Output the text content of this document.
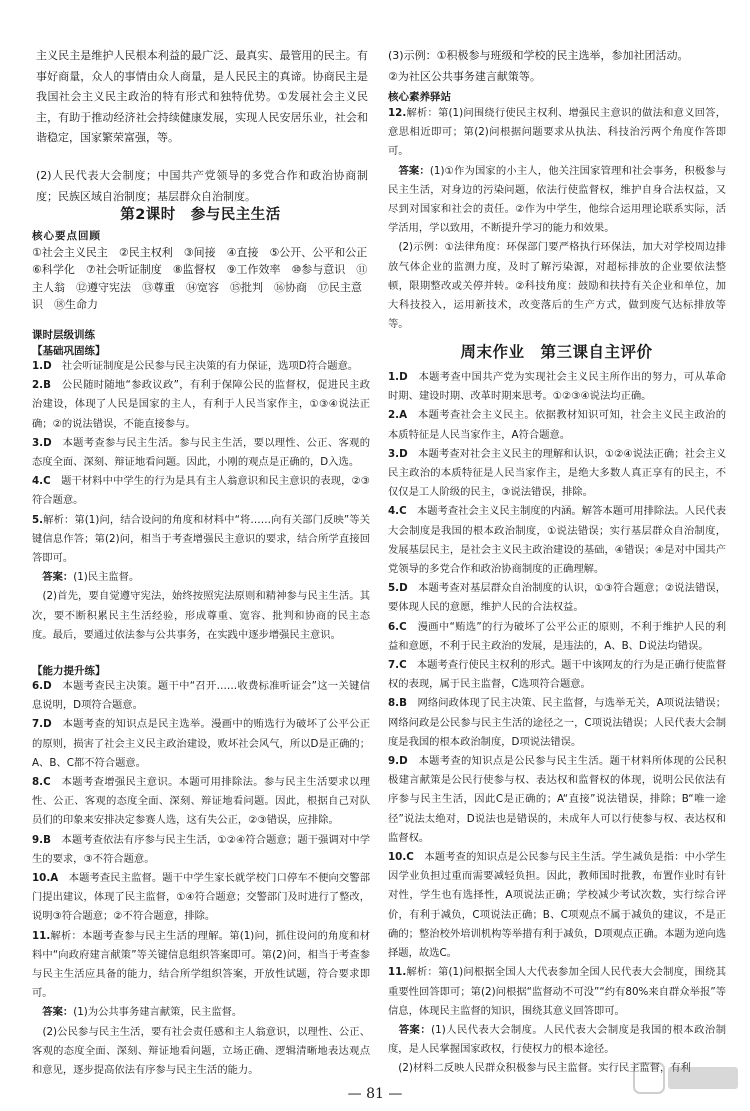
主义民主是维护人民根本利益的最广泛、最真实、最管用的民主。有事好商量，众人的事情由众人商量，是人民民主的真谛。协商民主是我国社会主义民主政治的特有形式和独特优势。①发展社会主义民主，有助于推动经济社会持续健康发展，实现人民安居乐业，社会和谐稳定，国家繁荣富强，等。

(2)人民代表大会制度；中国共产党领导的多党合作和政治协商制度；民族区域自治制度；基层群众自治制度。

第2课时　参与民主生活
核心要点回顾
①社会主义民主　②民主权利　③间接　④直接　⑤公开、公平和公正　⑥科学化　⑦社会听证制度　⑧监督权　⑨工作效率　⑩参与意识　⑪主人翁　⑫遵守宪法　⑬尊重　⑭宽容　⑮批判　⑯协商　⑰民主意识　⑱生命力
课时层级训练
【基础巩固练】

1.D　 社会听证制度是公民参与民主决策的有力保证，选项D符合题意。

2.B　 公民随时随地“参政议政”，有利于保障公民的监督权，促进民主政治建设，体现了人民是国家的主人，有利于人民当家作主，①③④说法正确；②的说法错误，不能直接参与。

3.D　 本题考查参与民主生活。参与民主生活，要以理性、公正、客观的态度全面、深刻、辩证地看问题。因此，小刚的观点是正确的，D入选。

4.C　 题干材料中中学生的行为是具有主人翁意识和民主意识的表现，②③符合题意。

5.解析：第(1)问，结合设问的角度和材料中“将……向有关部门反映”等关键信息作答；第(2)问，相当于考查增强民主意识的要求，结合所学直接回答即可。

　答案：(1)民主监督。

　(2)首先，要自觉遵守宪法，始终按照宪法原则和精神参与民主生活。其次，要不断积累民主生活经验，形成尊重、宽容、批判和协商的民主态度。最后，要通过依法参与公共事务，在实践中逐步增强民主意识。

【能力提升练】

6.D　 本题考查民主决策。题干中“召开……收费标准听证会”这一关键信息说明，D项符合题意。

7.D　 本题考查的知识点是民主选举。漫画中的贿选行为破坏了公平公正的原则，损害了社会主义民主政治建设，败坏社会风气，所以D是正确的；A、B、C都不符合题意。

8.C　 本题考查增强民主意识。本题可用排除法。参与民主生活要求以理性、公正、客观的态度全面、深刻、辩证地看问题。因此，根据自己对队员们的印象来安排决定参赛人选，这有失公正，②③错误，应排除。

9.B　 本题考查依法有序参与民主生活，①②④符合题意；题干强调对中学生的要求，③不符合题意。

10.A　 本题考查民主监督。题干中学生家长就学校门口停车不便向交警部门提出建议，体现了民主监督，①④符合题意；交警部门及时进行了整改，说明③符合题意；②不符合题意，排除。

11.解析：本题考查参与民主生活的理解。第(1)问，抓住设问的角度和材料中“向政府建言献策”等关键信息组织答案即可。第(2)问，相当于考查参与民主生活应具备的能力，结合所学组织答案，开放性试题，符合要求即可。

　答案：(1)为公共事务建言献策，民主监督。

　(2)公民参与民主生活，要有社会责任感和主人翁意识，以理性、公正、客观的态度全面、深刻、辩证地看问题，立场正确、逻辑清晰地表达观点和意见，逐步提高依法有序参与民主生活的能力。

(3)示例：①积极参与班级和学校的民主选举，参加社团活动。

②为社区公共事务建言献策等。

核心素养驿站

12.解析：第(1)问围绕行使民主权利、增强民主意识的做法和意义回答，意思相近即可；第(2)问根据问题要求从执法、科技治污两个角度作答即可。

　答案：(1)①作为国家的小主人，他关注国家管理和社会事务，积极参与民主生活，对身边的污染问题，依法行使监督权，维护自身合法权益，又尽到对国家和社会的责任。②作为中学生，他综合运用理论联系实际，活学活用，学以致用，不断提升学习的能力和效果。

　(2)示例：①法律角度：环保部门要严格执行环保法，加大对学校周边排放气体企业的监测力度，及时了解污染源，对超标排放的企业要依法整顿，限期整改或关停并转。②科技角度：鼓励和扶持有关企业和单位，加大科技投入，运用新技术，改变落后的生产方式，做到废气达标排放等等。

周末作业　第三课自主评价

1.D　 本题考查中国共产党为实现社会主义民主所作出的努力，可从革命时期、建设时期、改革时期来思考。①②③④说法均正确。

2.A　 本题考查社会主义民主。依据教材知识可知，社会主义民主政治的本质特征是人民当家作主，A符合题意。

3.D　 本题考查对社会主义民主的理解和认识，①②④说法正确；社会主义民主政治的本质特征是人民当家作主，是绝大多数人真正享有的民主，不仅仅是工人阶级的民主，③说法错误，排除。

4.C　 本题考查社会主义民主制度的内涵。解答本题可用排除法。人民代表大会制度是我国的根本政治制度，①说法错误；实行基层群众自治制度，发展基层民主，是社会主义民主政治建设的基础，④错误；④是对中国共产党领导的多党合作和政治协商制度的正确理解。

5.D　 本题考查对基层群众自治制度的认识，①③符合题意；②说法错误，要体现人民的意愿，维护人民的合法权益。

6.C　 漫画中“贿选”的行为破坏了公平公正的原则，不利于维护人民的利益和意愿，不利于民主政治的发展，是违法的，A、B、D说法均错误。

7.C　 本题考查行使民主权利的形式。题干中该网友的行为是正确行使监督权的表现，属于民主监督，C选项符合题意。

8.B　 网络问政体现了民主决策、民主监督，与选举无关，A项说法错误；网络问政是公民参与民主生活的途径之一，C项说法错误；人民代表大会制度是我国的根本政治制度，D项说法错误。

9.D　 本题考查的知识点是公民参与民主生活。题干材料所体现的公民积极建言献策是公民行使参与权、表达权和监督权的体现，说明公民依法有序参与民主生活，因此C是正确的；A“直接”说法错误，排除；B“唯一途径”说法太绝对，D说法也是错误的，未成年人可以行使参与权、表达权和监督权。

10.C　 本题考查的知识点是公民参与民主生活。学生减负是指：中小学生因学业负担过重而需要减轻负担。因此，教师国时批教，布置作业时有针对性，学生也有选择性，A项说法正确；学校减少考试次数，实行综合评价，有利于减负，C项说法正确；B、C项观点不属于减负的建议，不是正确的；整治校外培训机构等举措有利于减负，D项观点正确。本题为逆向选择题，故选C。

11.解析：第(1)问根据全国人大代表参加全国人民代表大会制度，围绕其重要性回答即可；第(2)问根据“监督动不可没”“约有80%来自群众举报”等信息，体现民主监督的知识，围绕其意义回答即可。

　答案：(1)人民代表大会制度。人民代表大会制度是我国的根本政治制度，是人民掌握国家政权，行使权力的根本途径。

　(2)材料二反映人民群众积极参与民主监督。实行民主监督，有利

— 81 —
